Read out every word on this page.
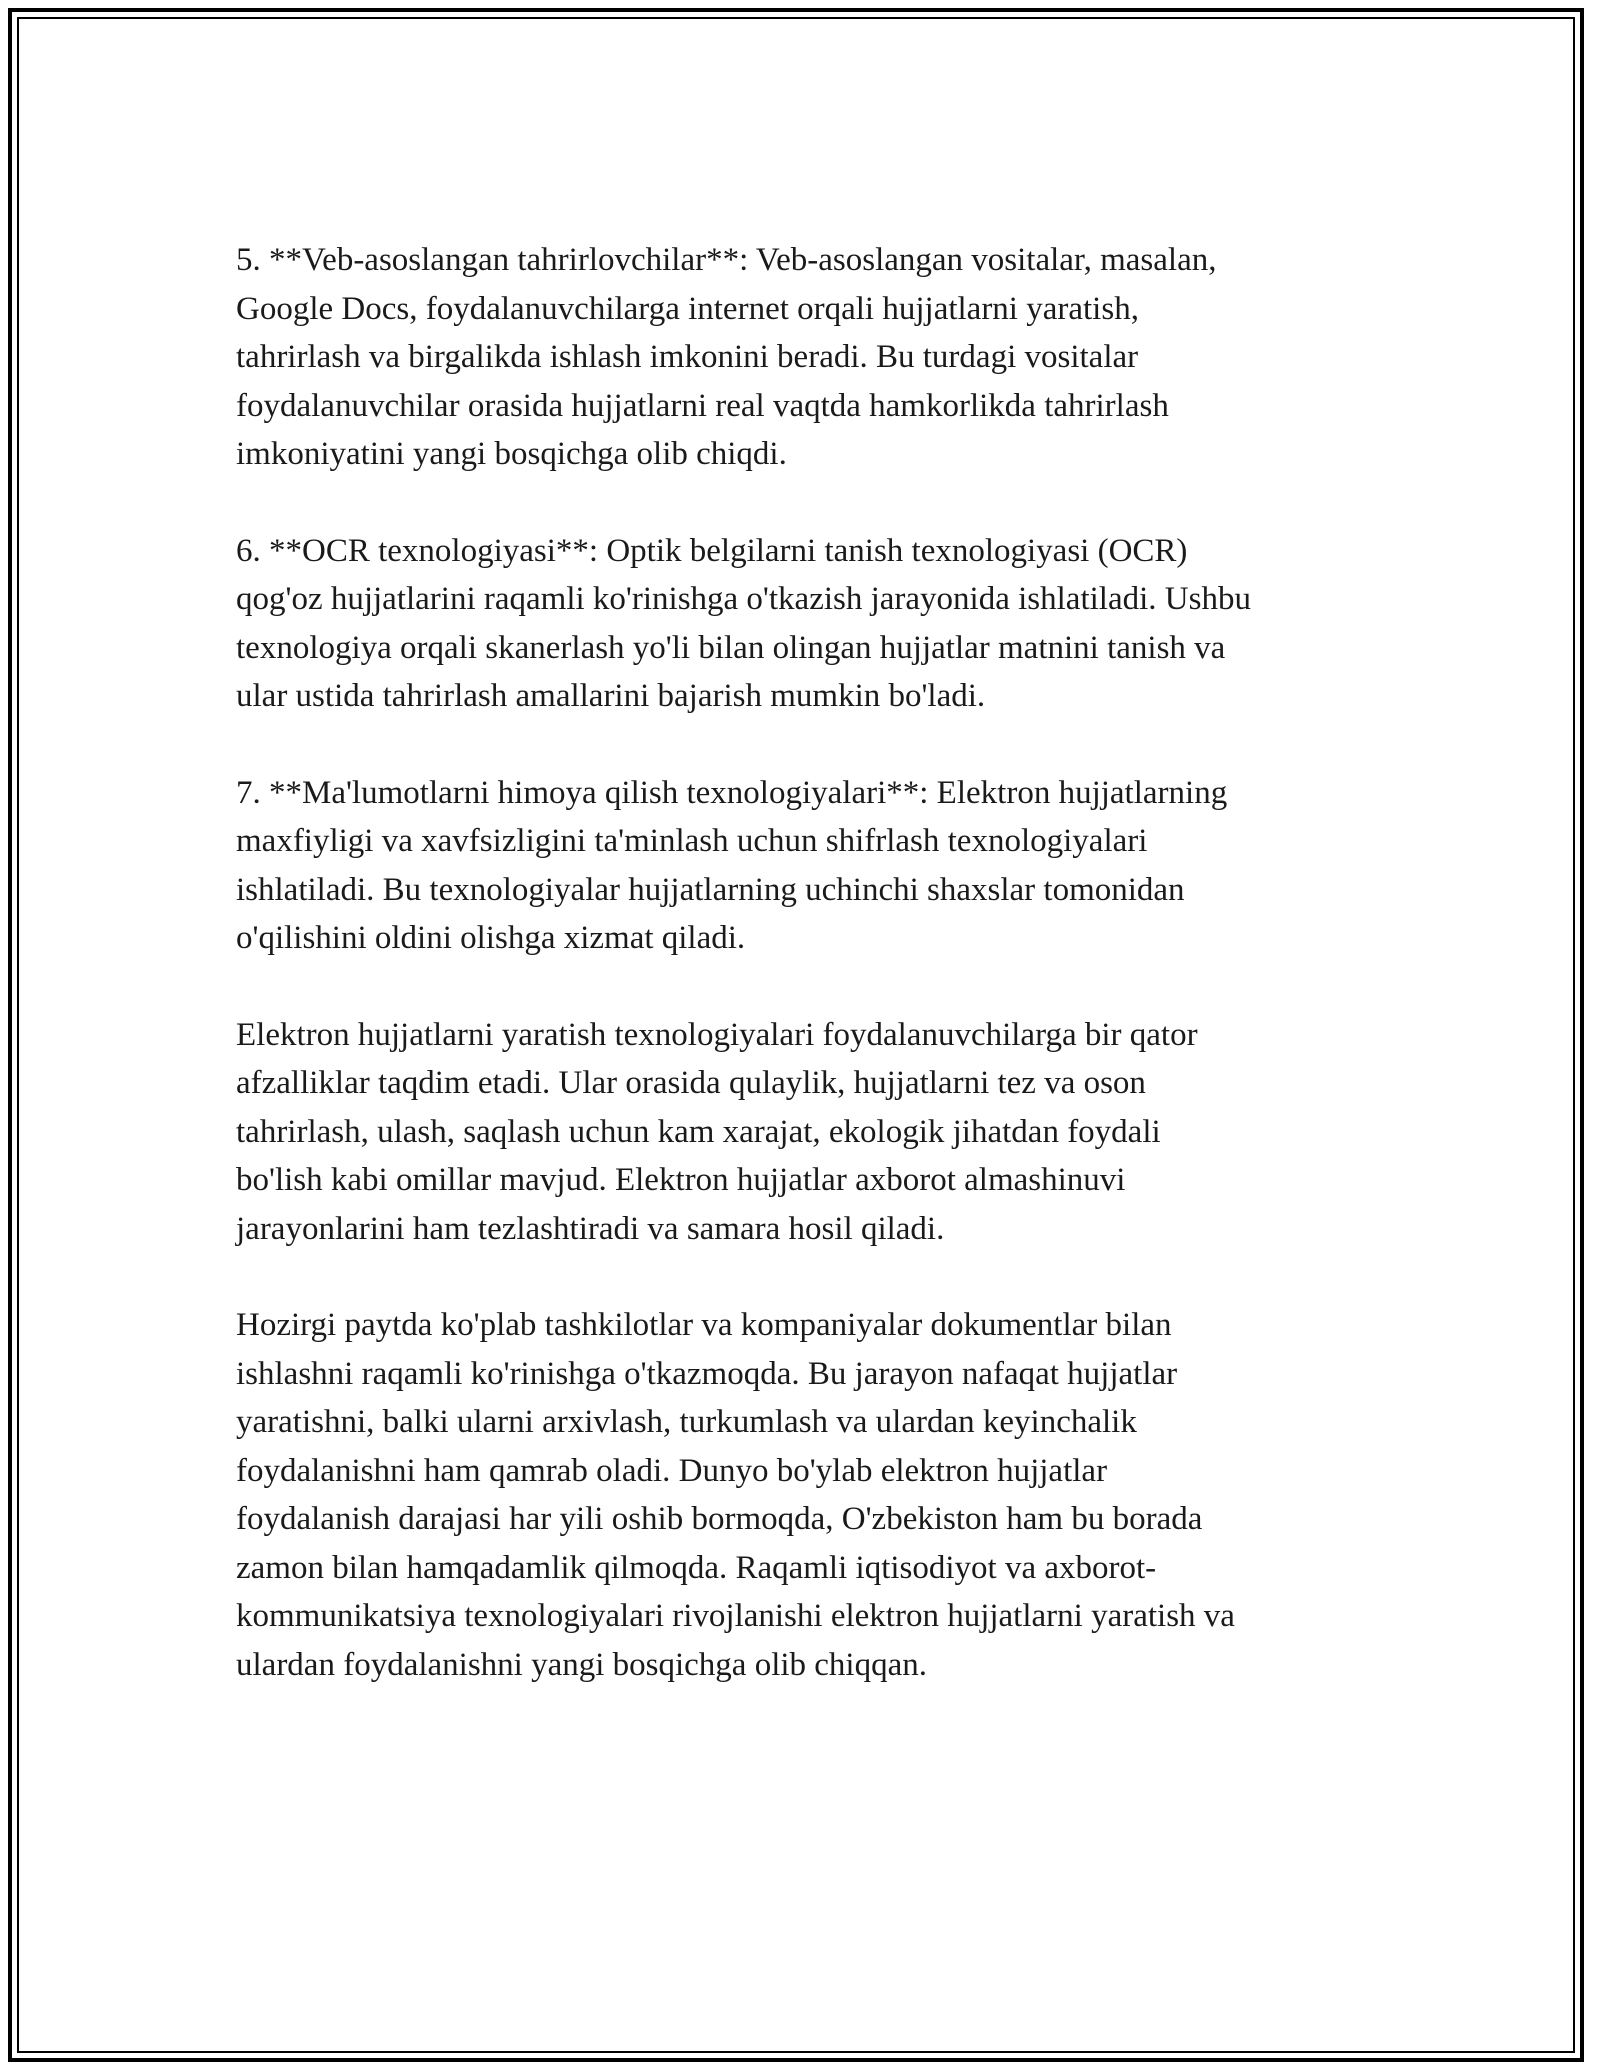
5. **Veb-asoslangan tahrirlovchilar**: Veb-asoslangan vositalar, masalan,
Google Docs, foydalanuvchilarga internet orqali hujjatlarni yaratish,
tahrirlash va birgalikda ishlash imkonini beradi. Bu turdagi vositalar
foydalanuvchilar orasida hujjatlarni real vaqtda hamkorlikda tahrirlash
imkoniyatini yangi bosqichga olib chiqdi.

6. **OCR texnologiyasi**: Optik belgilarni tanish texnologiyasi (OCR)
qog'oz hujjatlarini raqamli ko'rinishga o'tkazish jarayonida ishlatiladi. Ushbu
texnologiya orqali skanerlash yo'li bilan olingan hujjatlar matnini tanish va
ular ustida tahrirlash amallarini bajarish mumkin bo'ladi.

7. **Ma'lumotlarni himoya qilish texnologiyalari**: Elektron hujjatlarning
maxfiyligi va xavfsizligini ta'minlash uchun shifrlash texnologiyalari
ishlatiladi. Bu texnologiyalar hujjatlarning uchinchi shaxslar tomonidan
o'qilishini oldini olishga xizmat qiladi.

Elektron hujjatlarni yaratish texnologiyalari foydalanuvchilarga bir qator
afzalliklar taqdim etadi. Ular orasida qulaylik, hujjatlarni tez va oson
tahrirlash, ulash, saqlash uchun kam xarajat, ekologik jihatdan foydali
bo'lish kabi omillar mavjud. Elektron hujjatlar axborot almashinuvi
jarayonlarini ham tezlashtiradi va samara hosil qiladi.

Hozirgi paytda ko'plab tashkilotlar va kompaniyalar dokumentlar bilan
ishlashni raqamli ko'rinishga o'tkazmoqda. Bu jarayon nafaqat hujjatlar
yaratishni, balki ularni arxivlash, turkumlash va ulardan keyinchalik
foydalanishni ham qamrab oladi. Dunyo bo'ylab elektron hujjatlar
foydalanish darajasi har yili oshib bormoqda, O'zbekiston ham bu borada
zamon bilan hamqadamlik qilmoqda. Raqamli iqtisodiyot va axborot-
kommunikatsiya texnologiyalari rivojlanishi elektron hujjatlarni yaratish va
ulardan foydalanishni yangi bosqichga olib chiqqan.
